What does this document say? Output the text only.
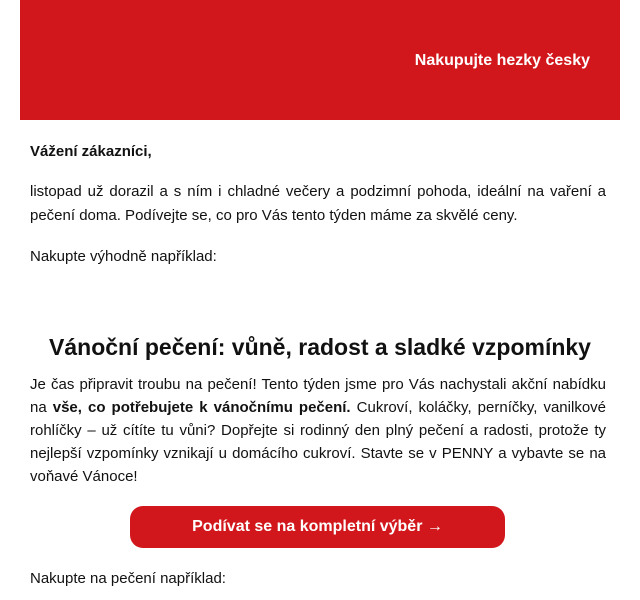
Nakupujte hezky česky

Vážení zákazníci,

listopad už dorazil a s ním i chladné večery a podzimní pohoda, ideální na vaření a pečení doma. Podívejte se, co pro Vás tento týden máme za skvělé ceny.

Nakupte výhodně například:

Vánoční pečení: vůně, radost a sladké vzpomínky

Je čas připravit troubu na pečení! Tento týden jsme pro Vás nachystali akční nabídku na vše, co potřebujete k vánočnímu pečení. Cukroví, koláčky, perníčky, vanilkové rohlíčky – už cítíte tu vůni? Dopřejte si rodinný den plný pečení a radosti, protože ty nejlepší vzpomínky vznikají u domácího cukroví. Stavte se v PENNY a vybavte se na voňavé Vánoce!

Podívat se na kompletní výběr →

Nakupte na pečení například:
